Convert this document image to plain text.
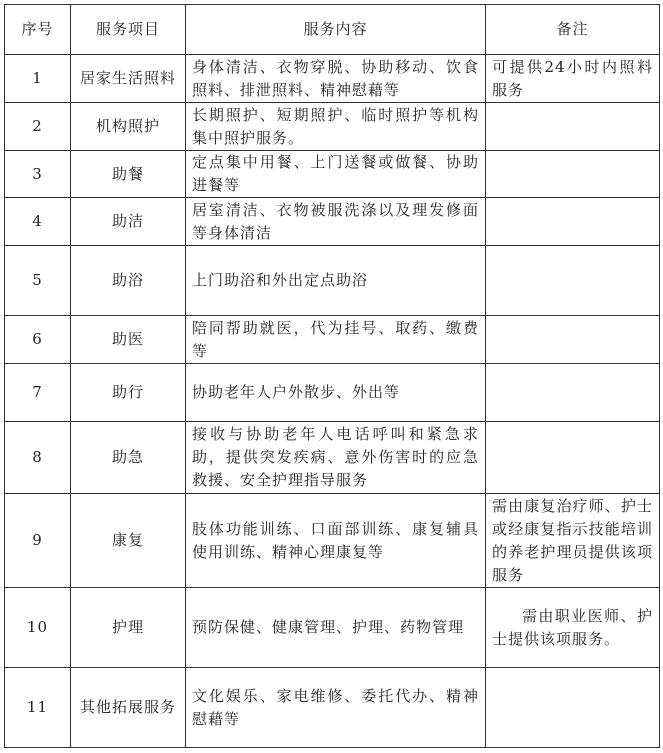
序号	服务项目	服务内容	备注
1	居家生活照料	身体清洁、衣物穿脱、协助移动、饮食照料、排泄照料、精神慰藉等	可提供24小时内照料服务
2	机构照护	长期照护、短期照护、临时照护等机构集中照护服务。	
3	助餐	定点集中用餐、上门送餐或做餐、协助进餐等	
4	助洁	居室清洁、衣物被服洗涤以及理发修面等身体清洁	
5	助浴	上门助浴和外出定点助浴	
6	助医	陪同帮助就医，代为挂号、取药、缴费等	
7	助行	协助老年人户外散步、外出等	
8	助急	接收与协助老年人电话呼叫和紧急求助，提供突发疾病、意外伤害时的应急救援、安全护理指导服务	
9	康复	肢体功能训练、口面部训练、康复辅具使用训练、精神心理康复等	需由康复治疗师、护士或经康复指示技能培训的养老护理员提供该项服务
10	护理	预防保健、健康管理、护理、药物管理	需由职业医师、护士提供该项服务。
11	其他拓展服务	文化娱乐、家电维修、委托代办、精神慰藉等	
